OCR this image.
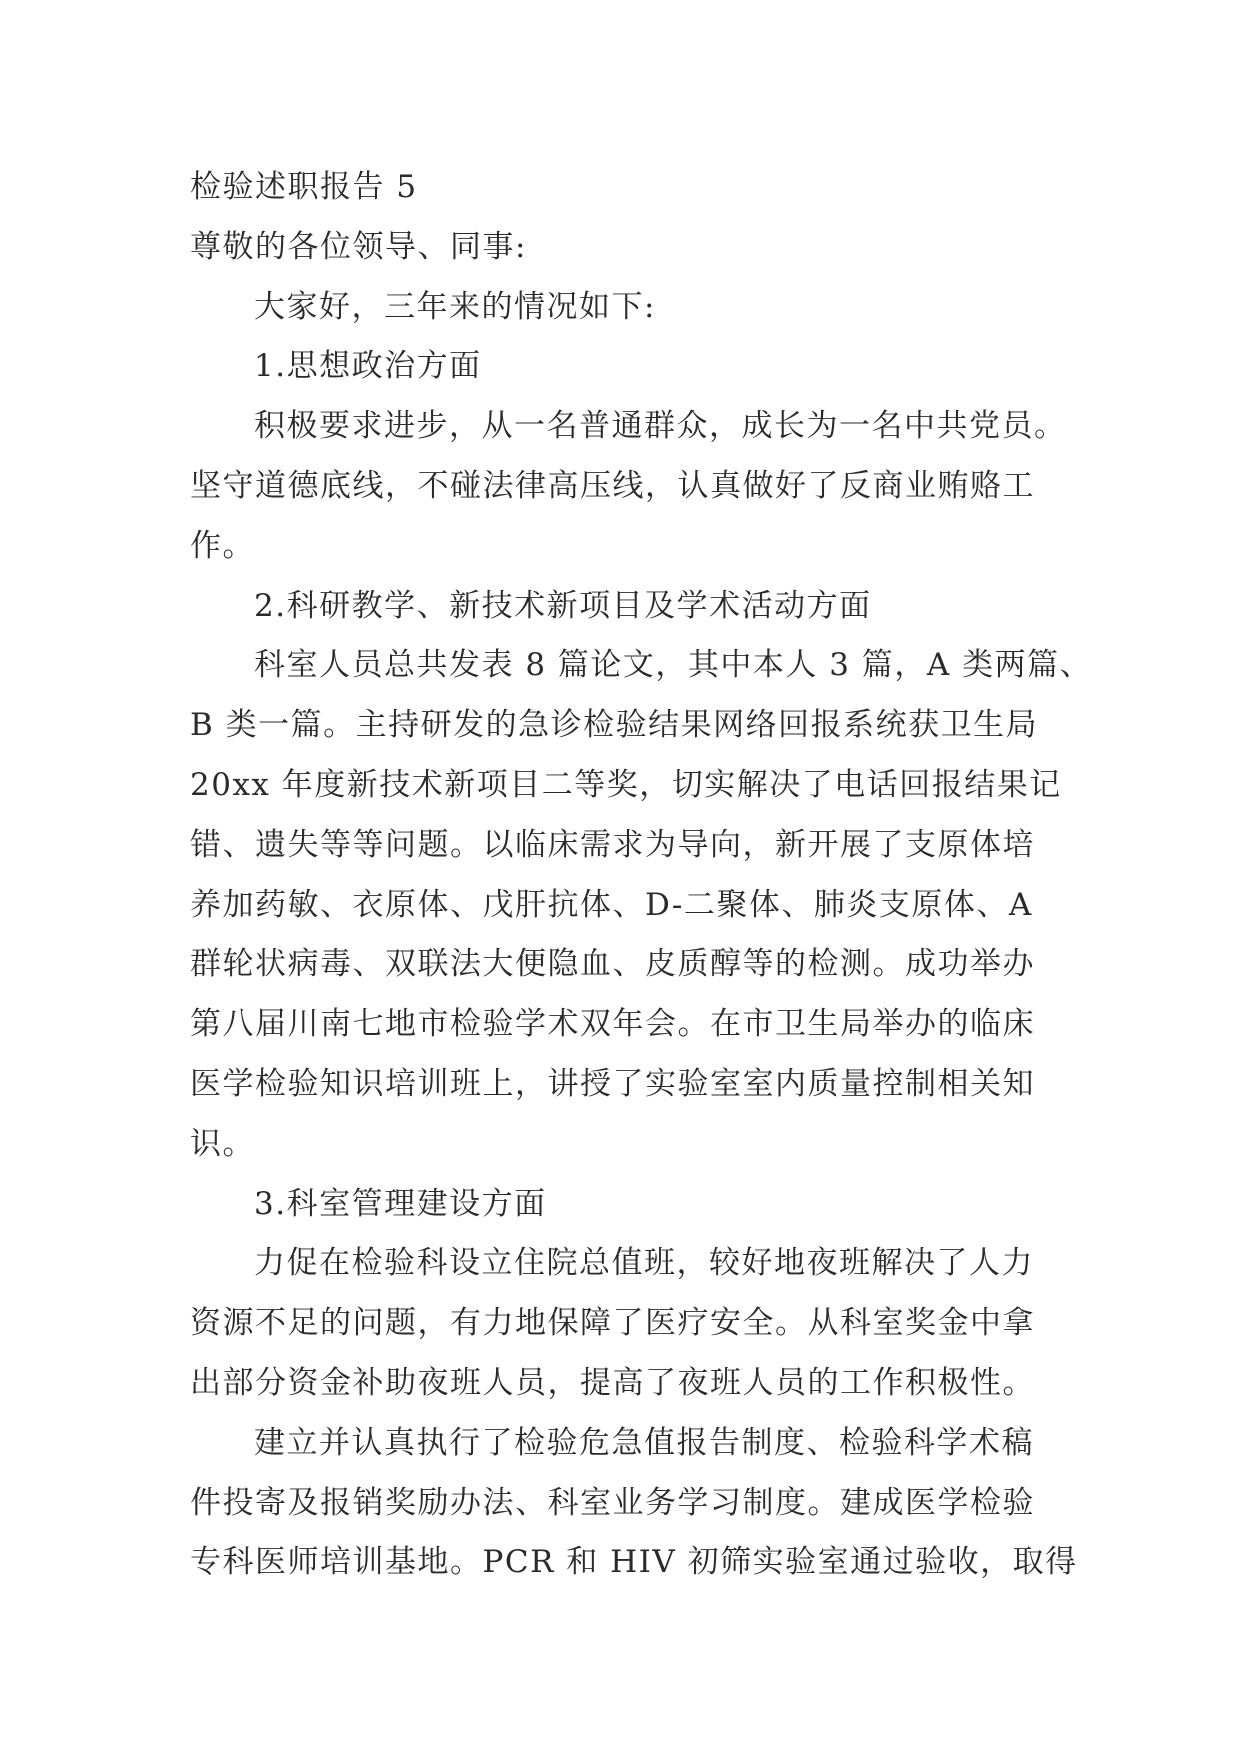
检验述职报告 5

尊敬的各位领导、同事:

大家好，三年来的情况如下:

1.思想政治方面

积极要求进步，从一名普通群众，成长为一名中共党员。

坚守道德底线，不碰法律高压线，认真做好了反商业贿赂工

作。

2.科研教学、新技术新项目及学术活动方面

科室人员总共发表 8 篇论文，其中本人 3 篇，A 类两篇、

B 类一篇。主持研发的急诊检验结果网络回报系统获卫生局

20xx 年度新技术新项目二等奖，切实解决了电话回报结果记

错、遗失等等问题。以临床需求为导向，新开展了支原体培

养加药敏、衣原体、戊肝抗体、D-二聚体、肺炎支原体、A

群轮状病毒、双联法大便隐血、皮质醇等的检测。成功举办

第八届川南七地市检验学术双年会。在市卫生局举办的临床

医学检验知识培训班上，讲授了实验室室内质量控制相关知

识。

3.科室管理建设方面

力促在检验科设立住院总值班，较好地夜班解决了人力

资源不足的问题，有力地保障了医疗安全。从科室奖金中拿

出部分资金补助夜班人员，提高了夜班人员的工作积极性。

建立并认真执行了检验危急值报告制度、检验科学术稿

件投寄及报销奖励办法、科室业务学习制度。建成医学检验

专科医师培训基地。PCR 和 HIV 初筛实验室通过验收，取得
